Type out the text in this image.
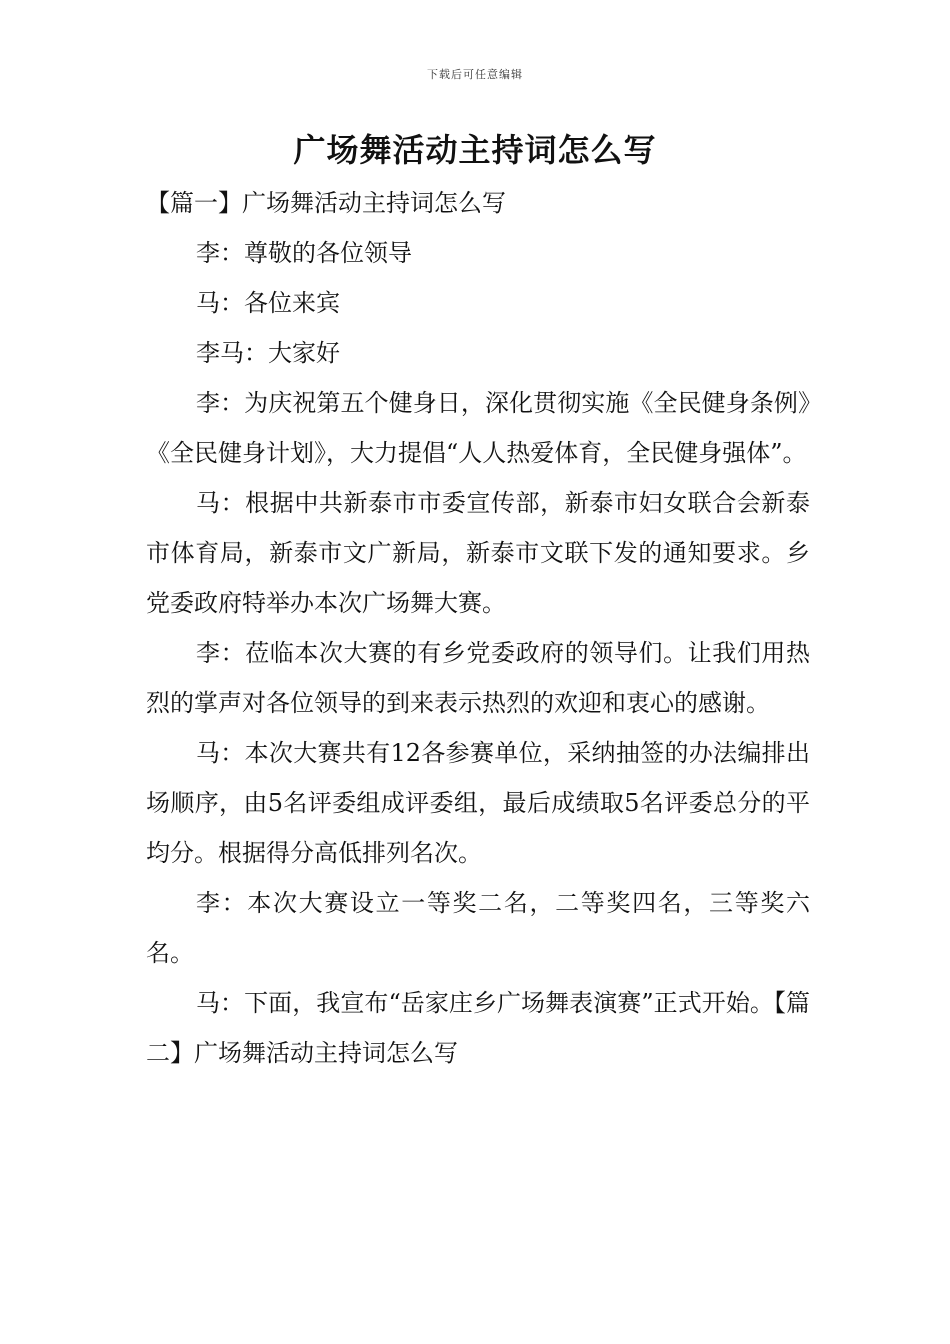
下载后可任意编辑
广场舞活动主持词怎么写

【篇一】广场舞活动主持词怎么写

李：尊敬的各位领导

马：各位来宾

李马：大家好

李：为庆祝第五个健身日，深化贯彻实施《全民健身条例》《全民健身计划》，大力提倡“人人热爱体育，全民健身强体”。

马：根据中共新泰市市委宣传部，新泰市妇女联合会新泰市体育局，新泰市文广新局，新泰市文联下发的通知要求。乡党委政府特举办本次广场舞大赛。

李：莅临本次大赛的有乡党委政府的领导们。让我们用热烈的掌声对各位领导的到来表示热烈的欢迎和衷心的感谢。

马：本次大赛共有12各参赛单位，采纳抽签的办法编排出场顺序，由5名评委组成评委组，最后成绩取5名评委总分的平均分。根据得分高低排列名次。

李：本次大赛设立一等奖二名，二等奖四名，三等奖六名。

马：下面，我宣布“岳家庄乡广场舞表演赛”正式开始。【篇二】广场舞活动主持词怎么写
